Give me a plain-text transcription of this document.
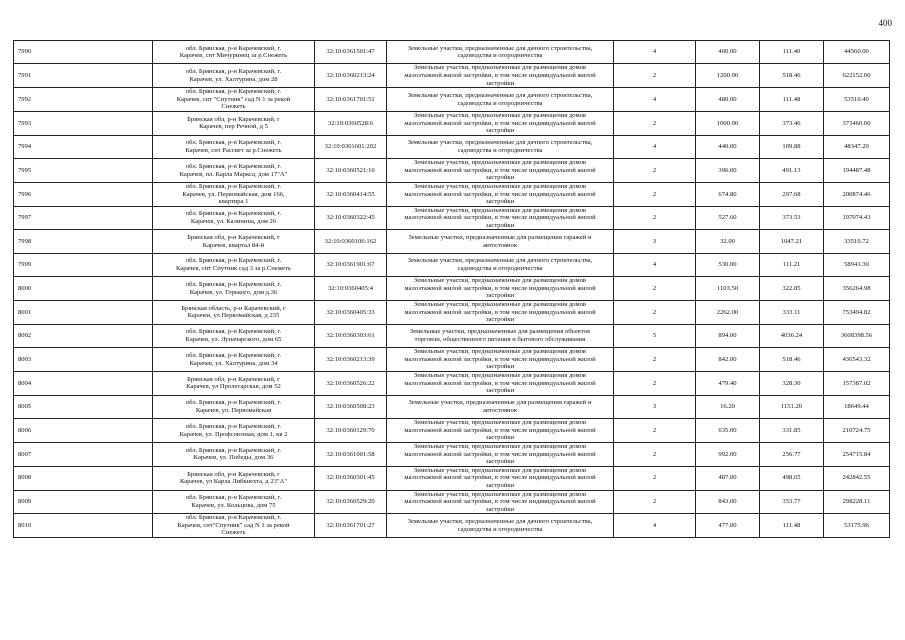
400
7990	обл. Брянская, р-н Карачевский, г.
Карачев, снт Мичуринец за р.Снежеть	32:10:0361501:47	Земельные участки, предназначенные для дачного строительства,
садоводства и огородничества	4	400.00	111.40	44560.00
7991	обл. Брянская, р-н Карачевский, г.
Карачев, ул. Халтурина, дом 28	32:10:0360213:24	Земельные участки, предназначенные для размещения домов
малоэтажной жилой застройки, в том числе индивидуальной жилой
застройки	2	1200.00	518.46	622152.00
7992	обл. Брянская, р-н Карачевский, г.
Карачев, снт "Спутник" сад N 1 за рекой
Снежеть	32:10:0361701:51	Земельные участки, предназначенные для дачного строительства,
садоводства и огородничества	4	480.00	111.48	53510.40
7993	Брянская обл, р-н Карачевский, г
Карачев, пер Речной, д 5	32:10:0360528:6	Земельные участки, предназначенные для размещения домов
малоэтажной жилой застройки, в том числе индивидуальной жилой
застройки	2	1000.00	373.46	373460.00
7994	обл. Брянская, р-н Карачевский, г.
Карачев, снт Рассвет за р.Снежеть	32:10:0361601:202	Земельные участки, предназначенные для дачного строительства,
садоводства и огородничества	4	440.00	109.88	48347.20
7995	обл. Брянская, р-н Карачевский, г.
Карачев, пл. Карла Маркса, дом 17"А"	32:10:0360521:10	Земельные участки, предназначенные для размещения домов
малоэтажной жилой застройки, в том числе индивидуальной жилой
застройки	2	396.00	491.13	194487.48
7996	обл. Брянская, р-н Карачевский, г.
Карачев, ул. Первомайская, дом 166,
квартира 1	32:10:0360414:55	Земельные участки, предназначенные для размещения домов
малоэтажной жилой застройки, в том числе индивидуальной жилой
застройки	2	674.80	297.68	200874.46
7997	обл. Брянская, р-н Карачевский, г.
Карачев, ул. Калинина, дом 26	32:10:0360322:45	Земельные участки, предназначенные для размещения домов
малоэтажной жилой застройки, в том числе индивидуальной жилой
застройки	2	527.60	373.53	197074.43
7998	Брянская обл, р-н Карачевский, г
Карачев, квартал 84-й	32:10:0360106:162	Земельные участки, предназначенные для размещения гаражей и
автостоянок	3	32.00	1047.21	33510.72
7999	обл. Брянская, р-н Карачевский, г.
Карачев, снт Спутник сад 3 за р.Снежеть	32:10:0361901:67	Земельные участки, предназначенные для дачного строительства,
садоводства и огородничества	4	530.00	111.21	58941.30
8000	обл. Брянская, р-н Карачевский, г.
Карачев, ул. Горького, дом д.36	32:10:0360405:4	Земельные участки, предназначенные для размещения домов
малоэтажной жилой застройки, в том числе индивидуальной жилой
застройки	2	1103.50	322.85	356264.98
8001	Брянская область, р-н Карачевский, г
Карачев, ул Первомайская, д 235	32:10:0360405:33	Земельные участки, предназначенные для размещения домов
малоэтажной жилой застройки, в том числе индивидуальной жилой
застройки	2	2262.00	333.11	753494.82
8002	обл. Брянская, р-н Карачевский, г.
Карачев, ул. Луначарского, дом 65	32:10:0360303:61	Земельные участки, предназначенные для размещения объектов
торговли, общественного питания и бытового обслуживания	5	894.00	4036.24	3608398.56
8003	обл. Брянская, р-н Карачевский, г.
Карачев, ул. Халтурина, дом 34	32:10:0360213:39	Земельные участки, предназначенные для размещения домов
малоэтажной жилой застройки, в том числе индивидуальной жилой
застройки	2	842.00	518.46	436543.32
8004	Брянская обл, р-н Карачевский, г
Карачев, ул Пролетарская, дом 52	32:10:0360526:22	Земельные участки, предназначенные для размещения домов
малоэтажной жилой застройки, в том числе индивидуальной жилой
застройки	2	479.40	328.30	157387.02
8005	обл. Брянская, р-н Карачевский, г.
Карачев, ул. Первомайская	32:10:0360508:23	Земельные участки, предназначенные для размещения гаражей и
автостоянок	3	16.20	1151.20	18649.44
8006	обл. Брянская, р-н Карачевский, г.
Карачев, ул. Профсоюзная, дом 1, кв 2	32:10:0360129:70	Земельные участки, предназначенные для размещения домов
малоэтажной жилой застройки, в том числе индивидуальной жилой
застройки	2	635.00	331.85	210724.75
8007	обл. Брянская, р-н Карачевский, г.
Карачев, ул. Победы, дом 36	32:10:0361001:58	Земельные участки, предназначенные для размещения домов
малоэтажной жилой застройки, в том числе индивидуальной жилой
застройки	2	992.00	256.77	254715.84
8008	Брянская обл, р-н Карачевский, г
Карачев, ул Карла Либкнехта, д 23"А"	32:10:0360301:45	Земельные участки, предназначенные для размещения домов
малоэтажной жилой застройки, в том числе индивидуальной жилой
застройки	2	487.00	498.65	242842.55
8009	обл. Брянская, р-н Карачевский, г.
Карачев, ул. Кольцова, дом 75	32:10:0360529:20	Земельные участки, предназначенные для размещения домов
малоэтажной жилой застройки, в том числе индивидуальной жилой
застройки	2	843.00	353.77	298228.11
8010	обл. Брянская, р-н Карачевский, г.
Карачев, снт"Спутник" сад N 1 за рекой
Снежеть	32:10:0361701:27	Земельные участки, предназначенные для дачного строительства,
садоводства и огородничества	4	477.00	111.48	53175.96
